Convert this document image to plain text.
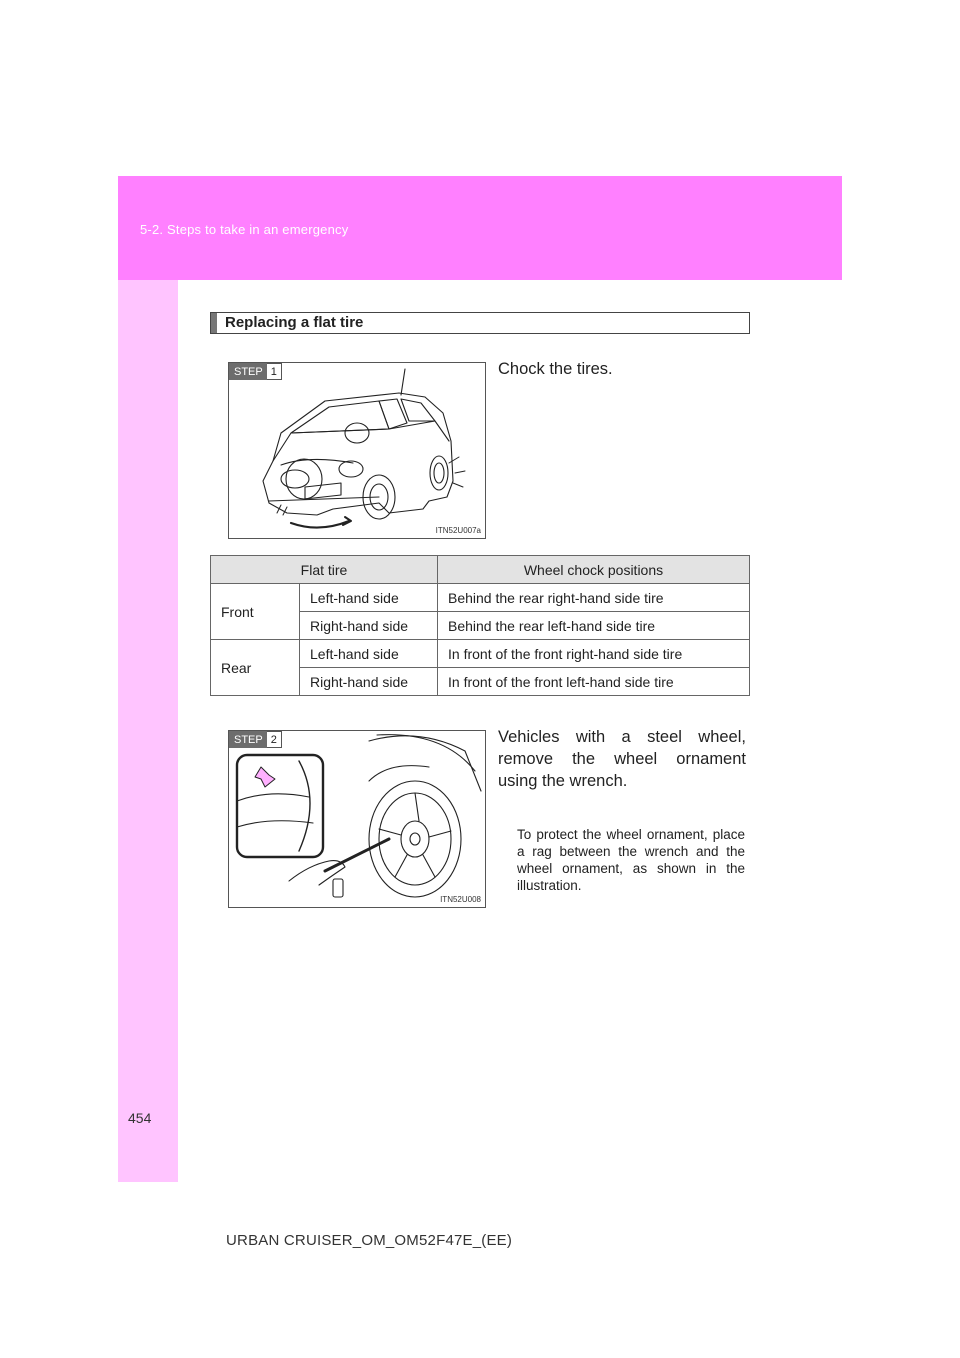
5-2. Steps to take in an emergency
Replacing a flat tire
STEP 1
ITN52U007a
Chock the tires.
Flat tire		Wheel chock positions
Front	Left-hand side	Behind the rear right-hand side tire
	Right-hand side	Behind the rear left-hand side tire
Rear	Left-hand side	In front of the front right-hand side tire
	Right-hand side	In front of the front left-hand side tire
STEP 2
ITN52U008
Vehicles with a steel wheel, remove the wheel ornament using the wrench.
To protect the wheel ornament, place a rag between the wrench and the wheel ornament, as shown in the illustration.
454
URBAN CRUISER_OM_OM52F47E_(EE)
